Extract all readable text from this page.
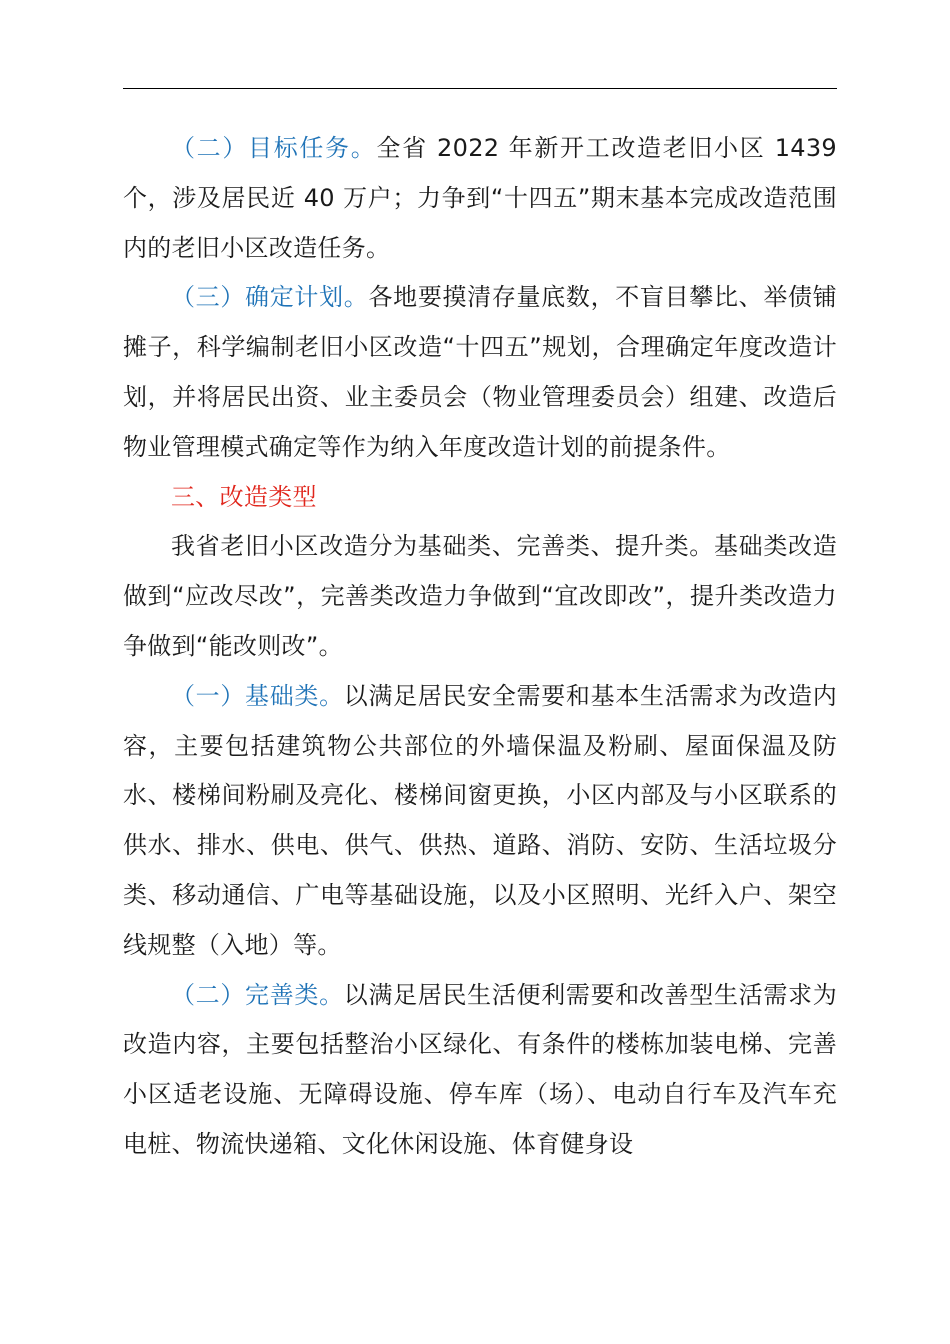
（二）目标任务。全省 2022 年新开工改造老旧小区 1439 个，涉及居民近 40 万户；力争到“十四五”期末基本完成改造范围内的老旧小区改造任务。

（三）确定计划。各地要摸清存量底数，不盲目攀比、举债铺摊子，科学编制老旧小区改造“十四五”规划，合理确定年度改造计划，并将居民出资、业主委员会（物业管理委员会）组建、改造后物业管理模式确定等作为纳入年度改造计划的前提条件。

三、改造类型

我省老旧小区改造分为基础类、完善类、提升类。基础类改造做到“应改尽改”，完善类改造力争做到“宜改即改”，提升类改造力争做到“能改则改”。

（一）基础类。以满足居民安全需要和基本生活需求为改造内容，主要包括建筑物公共部位的外墙保温及粉刷、屋面保温及防水、楼梯间粉刷及亮化、楼梯间窗更换，小区内部及与小区联系的供水、排水、供电、供气、供热、道路、消防、安防、生活垃圾分类、移动通信、广电等基础设施，以及小区照明、光纤入户、架空线规整（入地）等。

（二）完善类。以满足居民生活便利需要和改善型生活需求为改造内容，主要包括整治小区绿化、有条件的楼栋加装电梯、完善小区适老设施、无障碍设施、停车库（场）、电动自行车及汽车充电桩、物流快递箱、文化休闲设施、体育健身设
